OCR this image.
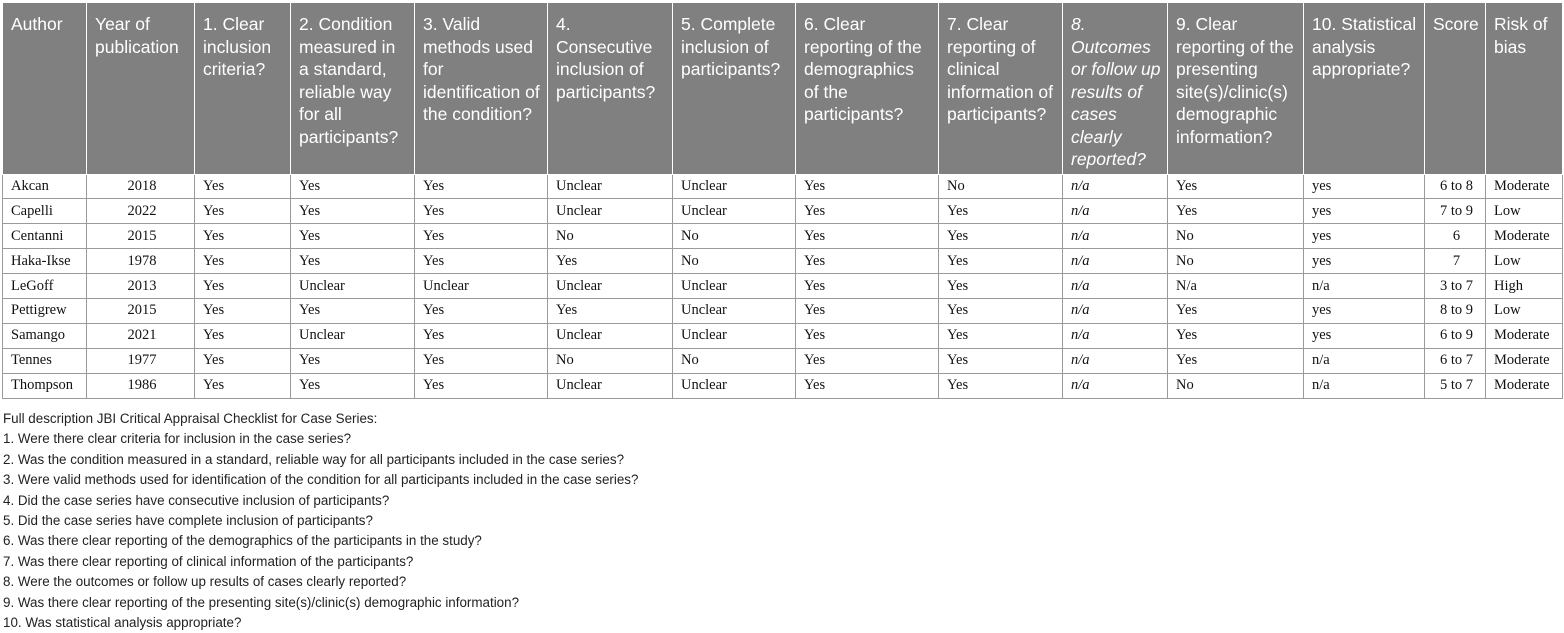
Author	Year of publication	1. Clear inclusion criteria?	2. Condition measured in a standard, reliable way for all participants?	3. Valid methods used for identification of the condition?	4. Consecutive inclusion of participants?	5. Complete inclusion of participants?	6. Clear reporting of the demographics of the participants?	7. Clear reporting of clinical information of participants?	8. Outcomes or follow up results of cases clearly reported?	9. Clear reporting of the presenting site(s)/clinic(s) demographic information?	10. Statistical analysis appropriate?	Score	Risk of bias
Akcan	2018	Yes	Yes	Yes	Unclear	Unclear	Yes	No	n/a	Yes	yes	6 to 8	Moderate
Capelli	2022	Yes	Yes	Yes	Unclear	Unclear	Yes	Yes	n/a	Yes	yes	7 to 9	Low
Centanni	2015	Yes	Yes	Yes	No	No	Yes	Yes	n/a	No	yes	6	Moderate
Haka-Ikse	1978	Yes	Yes	Yes	Yes	No	Yes	Yes	n/a	No	yes	7	Low
LeGoff	2013	Yes	Unclear	Unclear	Unclear	Unclear	Yes	Yes	n/a	N/a	n/a	3 to 7	High
Pettigrew	2015	Yes	Yes	Yes	Yes	Unclear	Yes	Yes	n/a	Yes	yes	8 to 9	Low
Samango	2021	Yes	Unclear	Yes	Unclear	Unclear	Yes	Yes	n/a	Yes	yes	6 to 9	Moderate
Tennes	1977	Yes	Yes	Yes	No	No	Yes	Yes	n/a	Yes	n/a	6 to 7	Moderate
Thompson	1986	Yes	Yes	Yes	Unclear	Unclear	Yes	Yes	n/a	No	n/a	5 to 7	Moderate
Full description JBI Critical Appraisal Checklist for Case Series:
1. Were there clear criteria for inclusion in the case series?
2. Was the condition measured in a standard, reliable way for all participants included in the case series?
3. Were valid methods used for identification of the condition for all participants included in the case series?
4. Did the case series have consecutive inclusion of participants?
5. Did the case series have complete inclusion of participants?
6. Was there clear reporting of the demographics of the participants in the study?
7. Was there clear reporting of clinical information of the participants?
8. Were the outcomes or follow up results of cases clearly reported?
9. Was there clear reporting of the presenting site(s)/clinic(s) demographic information?
10. Was statistical analysis appropriate?
